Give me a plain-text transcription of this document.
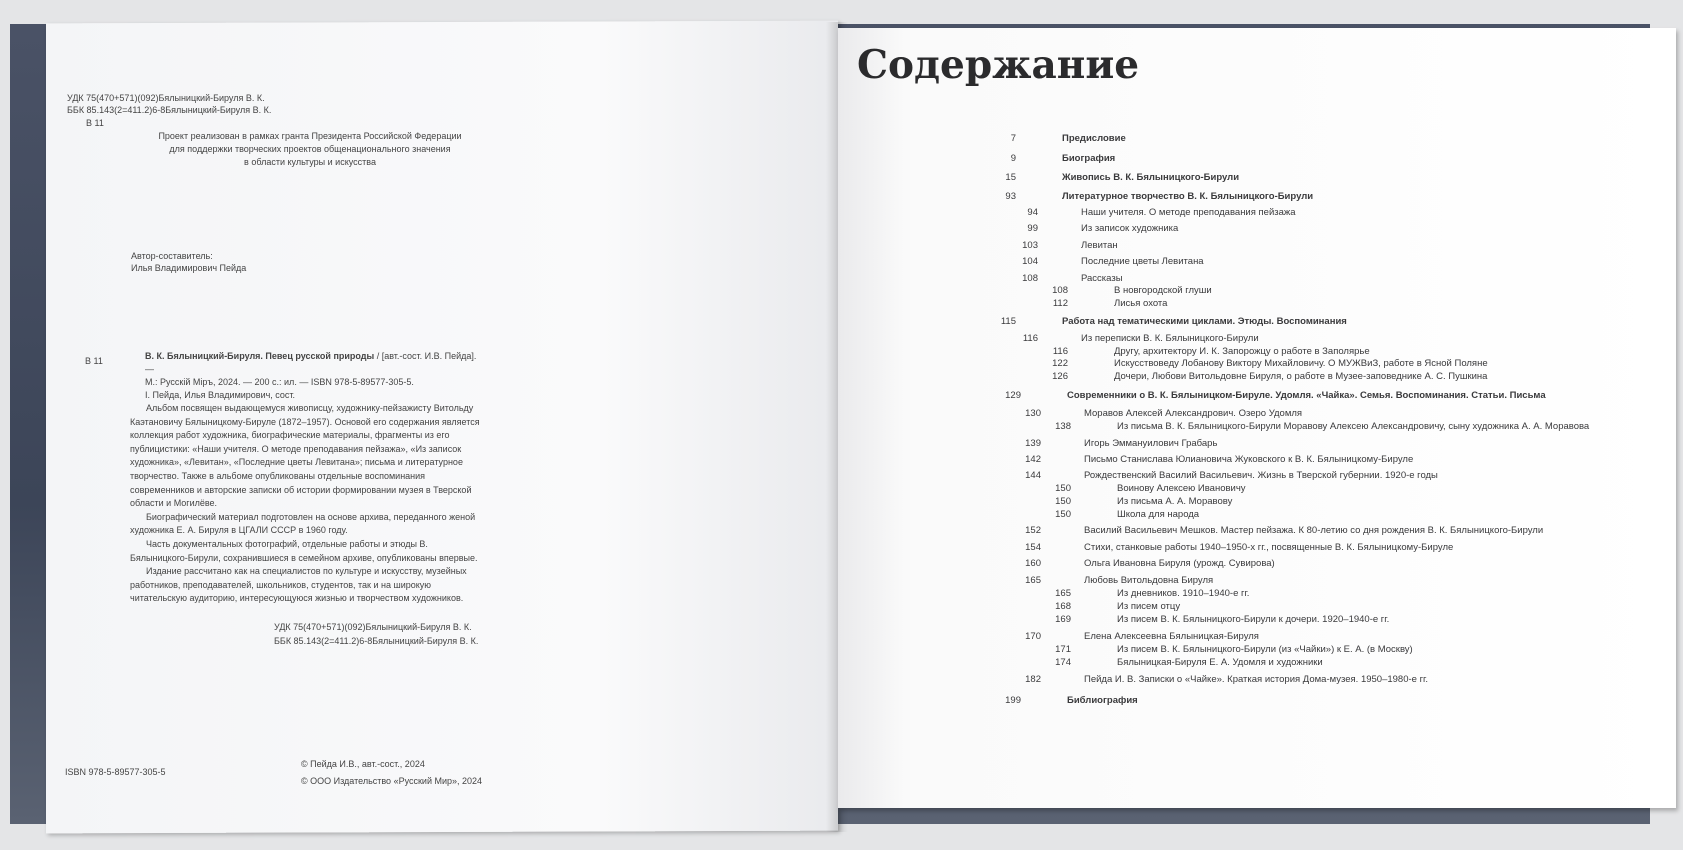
УДК 75(470+571)(092)Бялыницкий-Бируля В. К.
ББК 85.143(2=411.2)6-8Бялыницкий-Бируля В. К.
В 11
Проект реализован в рамках гранта Президента Российской Федерации
для поддержки творческих проектов общенационального значения
в области культуры и искусства
Автор-составитель:
Илья Владимирович Пейда
В 11	В. К. Бялыницкий-Бируля. Певец русской природы / [авт.-сост. И.В. Пейда]. —
М.: Русскій Міръ, 2024. — 200 с.: ил. — ISBN 978-5-89577-305-5.
I. Пейда, Илья Владимирович, сост.

Альбом посвящен выдающемуся живописцу, художнику-пейзажисту Витольду Каэтановичу Бялыницкому-Бируле (1872–1957). Основой его содержания является коллекция работ художника, биографические материалы, фрагменты из его публицистики: «Наши учителя. О методе преподавания пейзажа», «Из записок художника», «Левитан», «Последние цветы Левитана»; письма и литературное творчество. Также в альбоме опубликованы отдельные воспоминания современников и авторские записки об истории формировании музея в Тверской области и Могилёве.

Биографический материал подготовлен на основе архива, переданного женой художника Е. А. Бируля в ЦГАЛИ СССР в 1960 году.

Часть документальных фотографий, отдельные работы и этюды В. Бялыницкого-Бирули, сохранившиеся в семейном архиве, опубликованы впервые.

Издание рассчитано как на специалистов по культуре и искусству, музейных работников, преподавателей, школьников, студентов, так и на широкую читательскую аудиторию, интересующуюся жизнью и творчеством художников.

УДК 75(470+571)(092)Бялыницкий-Бируля В. К.
ББК 85.143(2=411.2)6-8Бялыницкий-Бируля В. К.
ISBN 978-5-89577-305-5
© Пейда И.В., авт.-сост., 2024
© ООО Издательство «Русский Мир», 2024
Содержание
7	Предисловие
9	Биография
15	Живопись В. К. Бялыницкого-Бирули
93	Литературное творчество В. К. Бялыницкого-Бирули
94	Наши учителя. О методе преподавания пейзажа
99	Из записок художника
103	Левитан
104	Последние цветы Левитана
108	Рассказы
108	В новгородской глуши
112	Лисья охота
115	Работа над тематическими циклами. Этюды. Воспоминания
116	Из переписки В. К. Бялыницкого-Бирули
116	Другу, архитектору И. К. Запорожцу о работе в Заполярье
122	Искусствоведу Лобанову Виктору Михайловичу. О МУЖВиЗ, работе в Ясной Поляне
126	Дочери, Любови Витольдовне Бируля, о работе в Музее-заповеднике А. С. Пушкина
129	Современники о В. К. Бялыницком-Бируле. Удомля. «Чайка». Семья. Воспоминания. Статьи. Письма
130	Моравов Алексей Александрович. Озеро Удомля
138	Из письма В. К. Бялыницкого-Бирули Моравову Алексею Александровичу, сыну художника А. А. Моравова
139	Игорь Эммануилович Грабарь
142	Письмо Станислава Юлиановича Жуковского к В. К. Бялыницкому-Бируле
144	Рождественский Василий Васильевич. Жизнь в Тверской губернии. 1920-е годы
150	Воинову Алексею Ивановичу
150	Из письма А. А. Моравову
150	Школа для народа
152	Василий Васильевич Мешков. Мастер пейзажа. К 80-летию со дня рождения В. К. Бялыницкого-Бирули
154	Стихи, станковые работы 1940–1950-х гг., посвященные В. К. Бялыницкому-Бируле
160	Ольга Ивановна Бируля (урожд. Сувирова)
165	Любовь Витольдовна Бируля
165	Из дневников. 1910–1940-е гг.
168	Из писем отцу
169	Из писем В. К. Бялыницкого-Бирули к дочери. 1920–1940-е гг.
170	Елена Алексеевна Бялыницкая-Бируля
171	Из писем В. К. Бялыницкого-Бирули (из «Чайки») к Е. А. (в Москву)
174	Бялыницкая-Бируля Е. А. Удомля и художники
182	Пейда И. В. Записки о «Чайке». Краткая история Дома-музея. 1950–1980-е гг.
199	Библиография
